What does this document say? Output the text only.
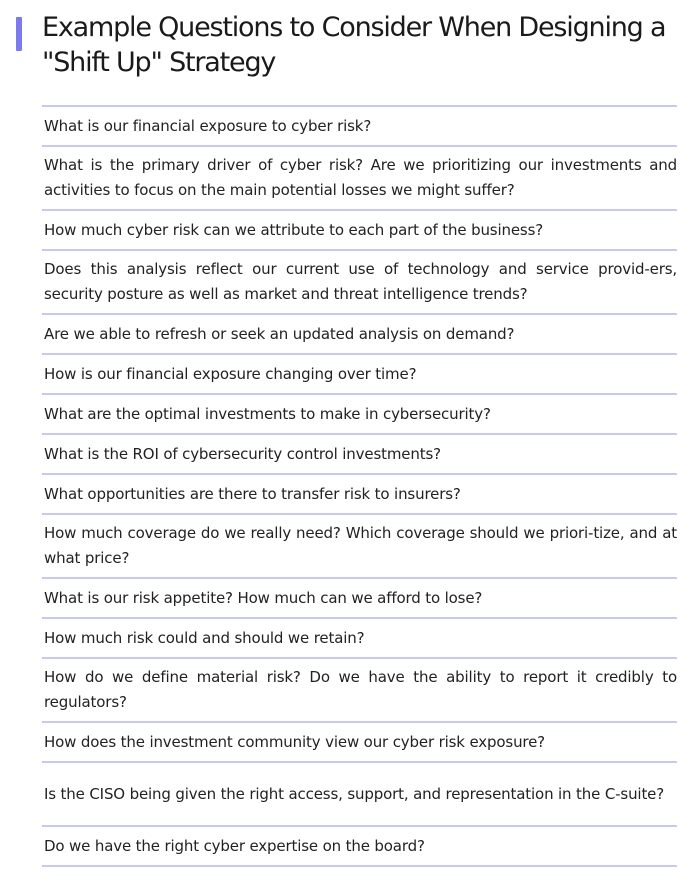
Example Questions to Consider When Designing a "Shift Up" Strategy
What is our financial exposure to cyber risk?
What is the primary driver of cyber risk? Are we prioritizing our investments and activities to focus on the main potential losses we might suffer?
How much cyber risk can we attribute to each part of the business?
Does this analysis reflect our current use of technology and service provid-ers, security posture as well as market and threat intelligence trends?
Are we able to refresh or seek an updated analysis on demand?
How is our financial exposure changing over time?
What are the optimal investments to make in cybersecurity?
What is the ROI of cybersecurity control investments?
What opportunities are there to transfer risk to insurers?
How much coverage do we really need? Which coverage should we priori-tize, and at what price?
What is our risk appetite? How much can we afford to lose?
How much risk could and should we retain?
How do we define material risk? Do we have the ability to report it credibly to regulators?
How does the investment community view our cyber risk exposure?
Is the CISO being given the right access, support, and representation in the C-suite?
Do we have the right cyber expertise on the board?
